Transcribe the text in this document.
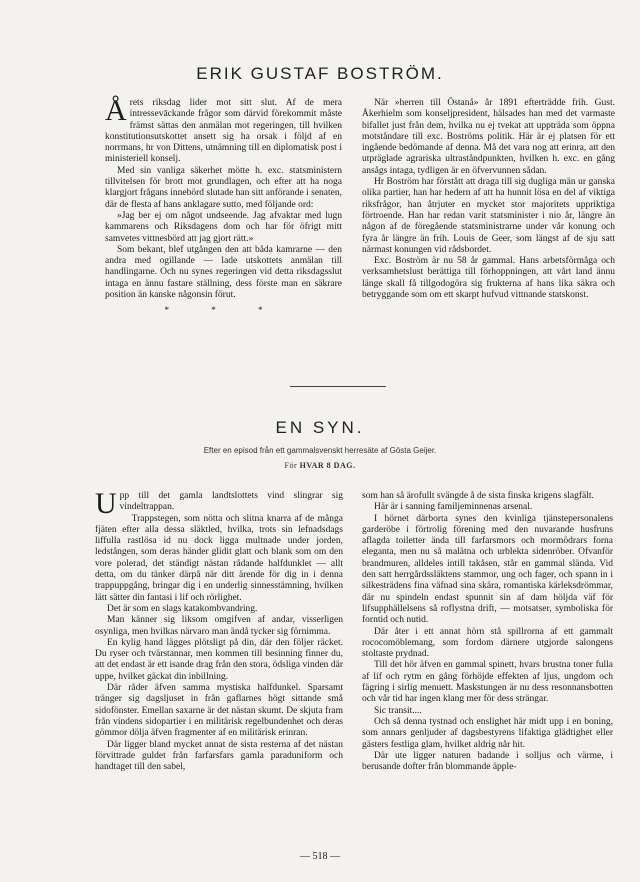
ERIK GUSTAF BOSTRÖM.

Årets riksdag lider mot sitt slut. Af de mera intressevāckande frågor som därvid förekommit måste främst sättas den anmälan mot regeringen, till hvilken konstitutionsutskottet ansett sig ha orsak i följd af en norrmans, hr von Dittens, utnämning till en diplomatisk post i ministeriell konselj.

Med sin vanliga säkerhet mötte h. exc. statsministern tillvitelsen för brott mot grundlagen, och efter att ha noga klargjort frågans innebörd slutade han sitt anförande i senaten, där de flesta af hans anklagare sutto, med följande ord:

»Jag ber ej om något undseende. Jag afvaktar med lugn kammarens och Riksdagens dom och har för öfrigt mitt samvetes vittnesbörd att jag gjort rätt.»

Som bekant, blef utgången den att båda kamrarne — den andra med ogillande — lade utskottets anmälan till handlingarne. Och nu synes regeringen vid detta riksdagsslut intaga en ännu fastare ställning, dess förste man en säkrare position än kanske någonsin förut.

* * *

När »herren till Östanå» år 1891 efterträdde frih. Gust. Åkerhielm som konseljpresident, hälsades han med det varmaste bifallet just från dem, hvilka nu ej tvekat att uppträda som öppna motståndare till exc. Boströms politik. Här är ej platsen för ett ingående bedömande af denna. Må det vara nog att erinra, att den utpräglade agrariska ultraståndpunkten, hvilken h. exc. en gång ansågs intaga, tydligen är en öfvervunnen sådan.

Hr Boström har förstått att draga till sig dugliga män ur ganska olika partier, han har hedern af att ha hunnit lösa en del af viktiga riksfrågor, han åtrjuter en mycket stor majoritets uppriktiga förtroende. Han har redan varit statsminister i nio år, längre än någon af de föregående statsministrarne under vår konung och fyra år längre än frih. Louis de Geer, som längst af de sju satt närmast konungen vid rådsbordet.

Exc. Boström är nu 58 år gammal. Hans arbetsförmåga och verksamhetslust berättiga till förhoppningen, att vårt land ännu länge skall få tillgodogöra sig frukterna af hans lika säkra och betryggande som om ett skarpt hufvud vittnande statskonst.

EN SYN.
Efter en episod från ett gammalsvenskt herresäte af Gösta Geijer.
För HVAR 8 DAG.

Upp till det gamla landtslottets vind slingrar sig vindeltrappan.

Trappstegen, som nötta och slitna knarra af de många fjäten efter alla dessa släktled, hvilka, trots sin lefnadsdags liffulla rastlösa id nu dock ligga multnade under jorden, ledstången, som deras händer glidit glatt och blank som om den vore polerad, det ständigt nästan rådande halfdunklet — allt detta, om du tänker därpå när ditt ärende för dig in i denna trappuppgång, bringar dig i en underlig sinnesstämning, hvilken lätt sätter din fantasi i lif och rörlighet.

Det är som en slags katakombvandring.

Man känner sig liksom omgifven af andar, visserligen osynliga, men hvilkas närvaro man ändå tycker sig förnimma.

En kylig hand lägges plötsligt på din, där den följer räcket. Du ryser och tvärstannar, men kommen till besinning finner du, att det endast är ett isande drag från den stora, ödsliga vinden där uppe, hvilket gäckat din inbillning.

Där råder äfven samma mystiska halfdunkel. Sparsamt tränger sig dagsljuset in från gaflarnes högt sittande små sidofönster. Emellan saxarne är det nästan skumt. De skjuta fram från vindens sidopartier i en militärisk regelbundenhet och deras gömmor dölja äfven fragmenter af en militärisk erinran.

Där ligger bland mycket annat de sista resterna af det nästan förvittrade guldet från farfarsfars gamla paraduniform och handtaget till den sabel,

som han så ärofullt svängde å de sista finska krigens slagfält.

Här är i sanning familjeminnenas arsenal.

I hörnet därborta synes den kvinliga tjänstepersonalens garderöbe i förtrolig förening med den nuvarande husfruns aflagda toiletter ända till farfarsmors och mormödrars forna eleganta, men nu så malätna och urblekta sidenröber. Ofvanför brandmuren, alldeles intill takåsen, står en gammal slända. Vid den satt herrgårdssläktens stammor, ung och fager, och spann in i silkesträdens fina väfnad sina skära, romantiska kärleksdrömmar, där nu spindeln endast spunnit sin af dam höljda väf för lifsupphällelsens så roflystna drift, — motsatser, symboliska för forntid och nutid.

Där åter i ett annat hörn stå spillrorna af ett gammalt rococomöblemang, som fordom därnere utgjorde salongens stoltaste prydnad.

Till det hör äfven en gammal spinett, hvars brustna toner fulla af lif och rytm en gång förhöjde effekten af ljus, ungdom och fägring i sirlig menuett. Maskstungen är nu dess resonnansbotten och vår tid har ingen klang mer för dess strängar.

Sic transit....

Och så denna tystnad och enslighet här midt upp i en boning, som annars genljuder af dagsbestyrens lifaktiga glädtighet eller gästers festliga glam, hvilket aldrig når hit.

Där ute ligger naturen badande i solljus och värme, i berusande dofter från blommande äpple-

— 518 —
